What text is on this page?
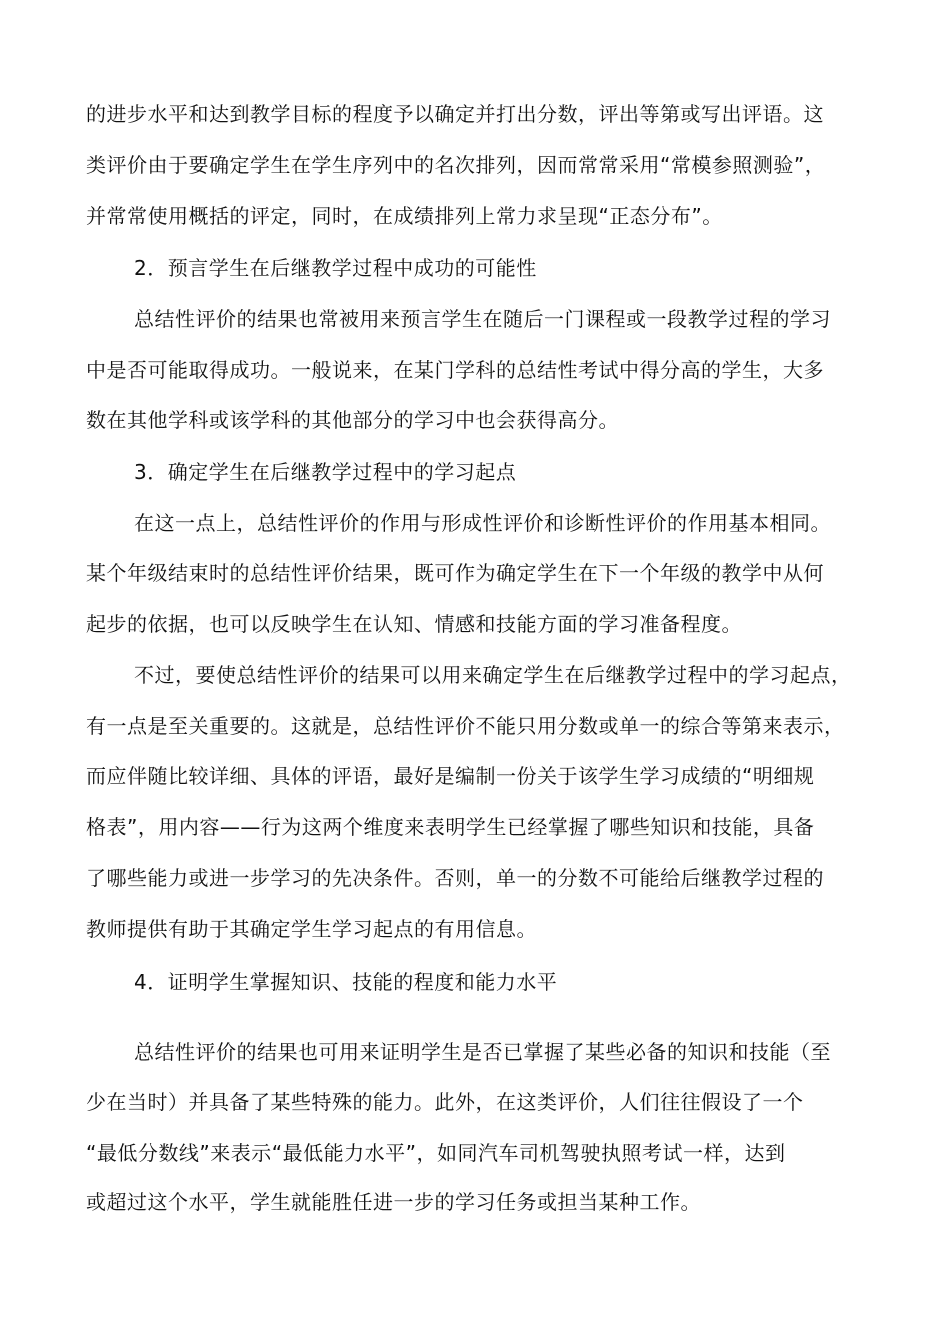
的进步水平和达到教学目标的程度予以确定并打出分数，评出等第或写出评语。这
类评价由于要确定学生在学生序列中的名次排列，因而常常采用“常模参照测验”，
并常常使用概括的评定，同时，在成绩排列上常力求呈现“正态分布”。
2．预言学生在后继教学过程中成功的可能性
总结性评价的结果也常被用来预言学生在随后一门课程或一段教学过程的学习
中是否可能取得成功。一般说来，在某门学科的总结性考试中得分高的学生，大多
数在其他学科或该学科的其他部分的学习中也会获得高分。
3．确定学生在后继教学过程中的学习起点
在这一点上，总结性评价的作用与形成性评价和诊断性评价的作用基本相同。
某个年级结束时的总结性评价结果，既可作为确定学生在下一个年级的教学中从何
起步的依据，也可以反映学生在认知、情感和技能方面的学习准备程度。
不过，要使总结性评价的结果可以用来确定学生在后继教学过程中的学习起点，
有一点是至关重要的。这就是，总结性评价不能只用分数或单一的综合等第来表示，
而应伴随比较详细、具体的评语，最好是编制一份关于该学生学习成绩的“明细规
格表”，用内容——行为这两个维度来表明学生已经掌握了哪些知识和技能，具备
了哪些能力或进一步学习的先决条件。否则，单一的分数不可能给后继教学过程的
教师提供有助于其确定学生学习起点的有用信息。
4．证明学生掌握知识、技能的程度和能力水平
总结性评价的结果也可用来证明学生是否已掌握了某些必备的知识和技能（至
少在当时）并具备了某些特殊的能力。此外，在这类评价，人们往往假设了一个
“最低分数线”来表示“最低能力水平”，如同汽车司机驾驶执照考试一样，达到
或超过这个水平，学生就能胜任进一步的学习任务或担当某种工作。
